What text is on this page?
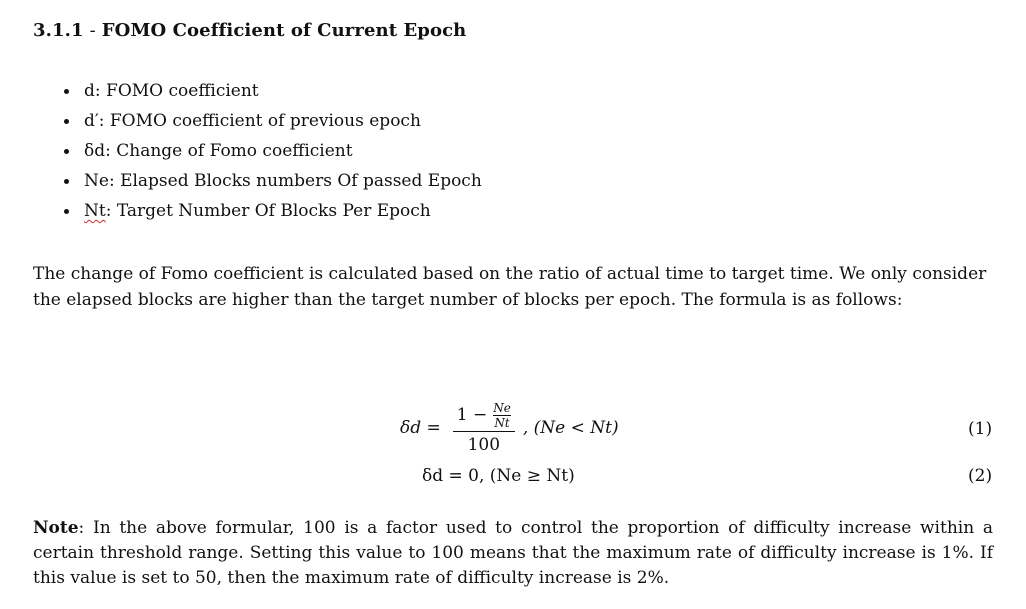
3.1.1 - FOMO Coefficient of Current Epoch
d: FOMO coefficient
d′: FOMO coefficient of previous epoch
δd: Change of Fomo coefficient
Ne: Elapsed Blocks numbers Of passed Epoch
Nt: Target Number Of Blocks Per Epoch

The change of Fomo coefficient is calculated based on the ratio of actual time to target time. We only consider the elapsed blocks are higher than the target number of blocks per epoch. The formula is as follows:

$\delta d = \frac{1 - \frac{Ne}{Nt}}{100}$ , (Ne < Nt)	(1)
δd = 0, (Ne ≥ Nt)	(2)

Note: In the above formular, 100 is a factor used to control the proportion of difficulty increase within a certain threshold range. Setting this value to 100 means that the maximum rate of difficulty increase is 1%. If this value is set to 50, then the maximum rate of difficulty increase is 2%.
